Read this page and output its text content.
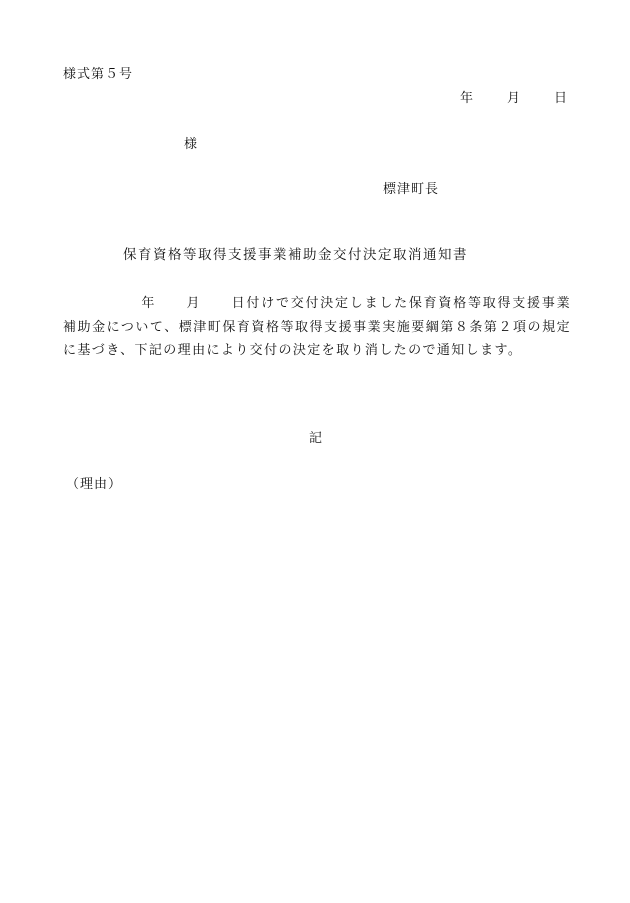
様式第５号
年	月	日
様
標津町長
保育資格等取得支援事業補助金交付決定取消通知書
年 月 日付けで交付決定しました保育資格等取得支援事業補助金について、標津町保育資格等取得支援事業実施要綱第８条第２項の規定に基づき、下記の理由により交付の決定を取り消したので通知します。
記
（理由）
